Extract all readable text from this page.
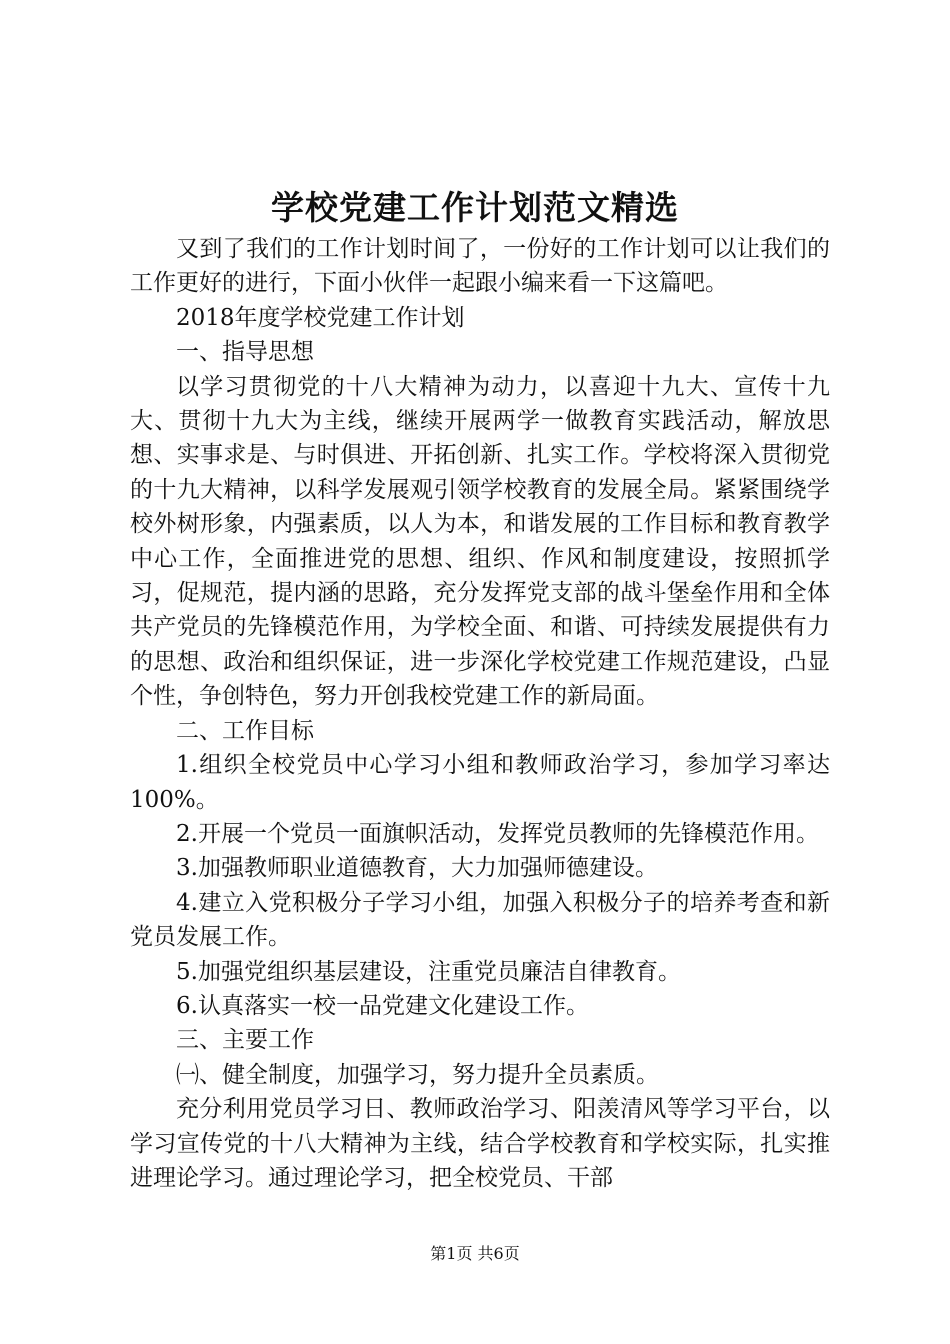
学校党建工作计划范文精选

又到了我们的工作计划时间了，一份好的工作计划可以让我们的工作更好的进行，下面小伙伴一起跟小编来看一下这篇吧。

2018年度学校党建工作计划

一、指导思想

以学习贯彻党的十八大精神为动力，以喜迎十九大、宣传十九大、贯彻十九大为主线，继续开展两学一做教育实践活动，解放思想、实事求是、与时俱进、开拓创新、扎实工作。学校将深入贯彻党的十九大精神，以科学发展观引领学校教育的发展全局。紧紧围绕学校外树形象，内强素质，以人为本，和谐发展的工作目标和教育教学中心工作，全面推进党的思想、组织、作风和制度建设，按照抓学习，促规范，提内涵的思路，充分发挥党支部的战斗堡垒作用和全体共产党员的先锋模范作用，为学校全面、和谐、可持续发展提供有力的思想、政治和组织保证，进一步深化学校党建工作规范建设，凸显个性，争创特色，努力开创我校党建工作的新局面。

二、工作目标

1.组织全校党员中心学习小组和教师政治学习，参加学习率达100%。

2.开展一个党员一面旗帜活动，发挥党员教师的先锋模范作用。

3.加强教师职业道德教育，大力加强师德建设。

4.建立入党积极分子学习小组，加强入积极分子的培养考查和新党员发展工作。

5.加强党组织基层建设，注重党员廉洁自律教育。

6.认真落实一校一品党建文化建设工作。

三、主要工作

㈠、健全制度，加强学习，努力提升全员素质。

充分利用党员学习日、教师政治学习、阳羡清风等学习平台，以学习宣传党的十八大精神为主线，结合学校教育和学校实际，扎实推进理论学习。通过理论学习，把全校党员、干部

第1页 共6页
